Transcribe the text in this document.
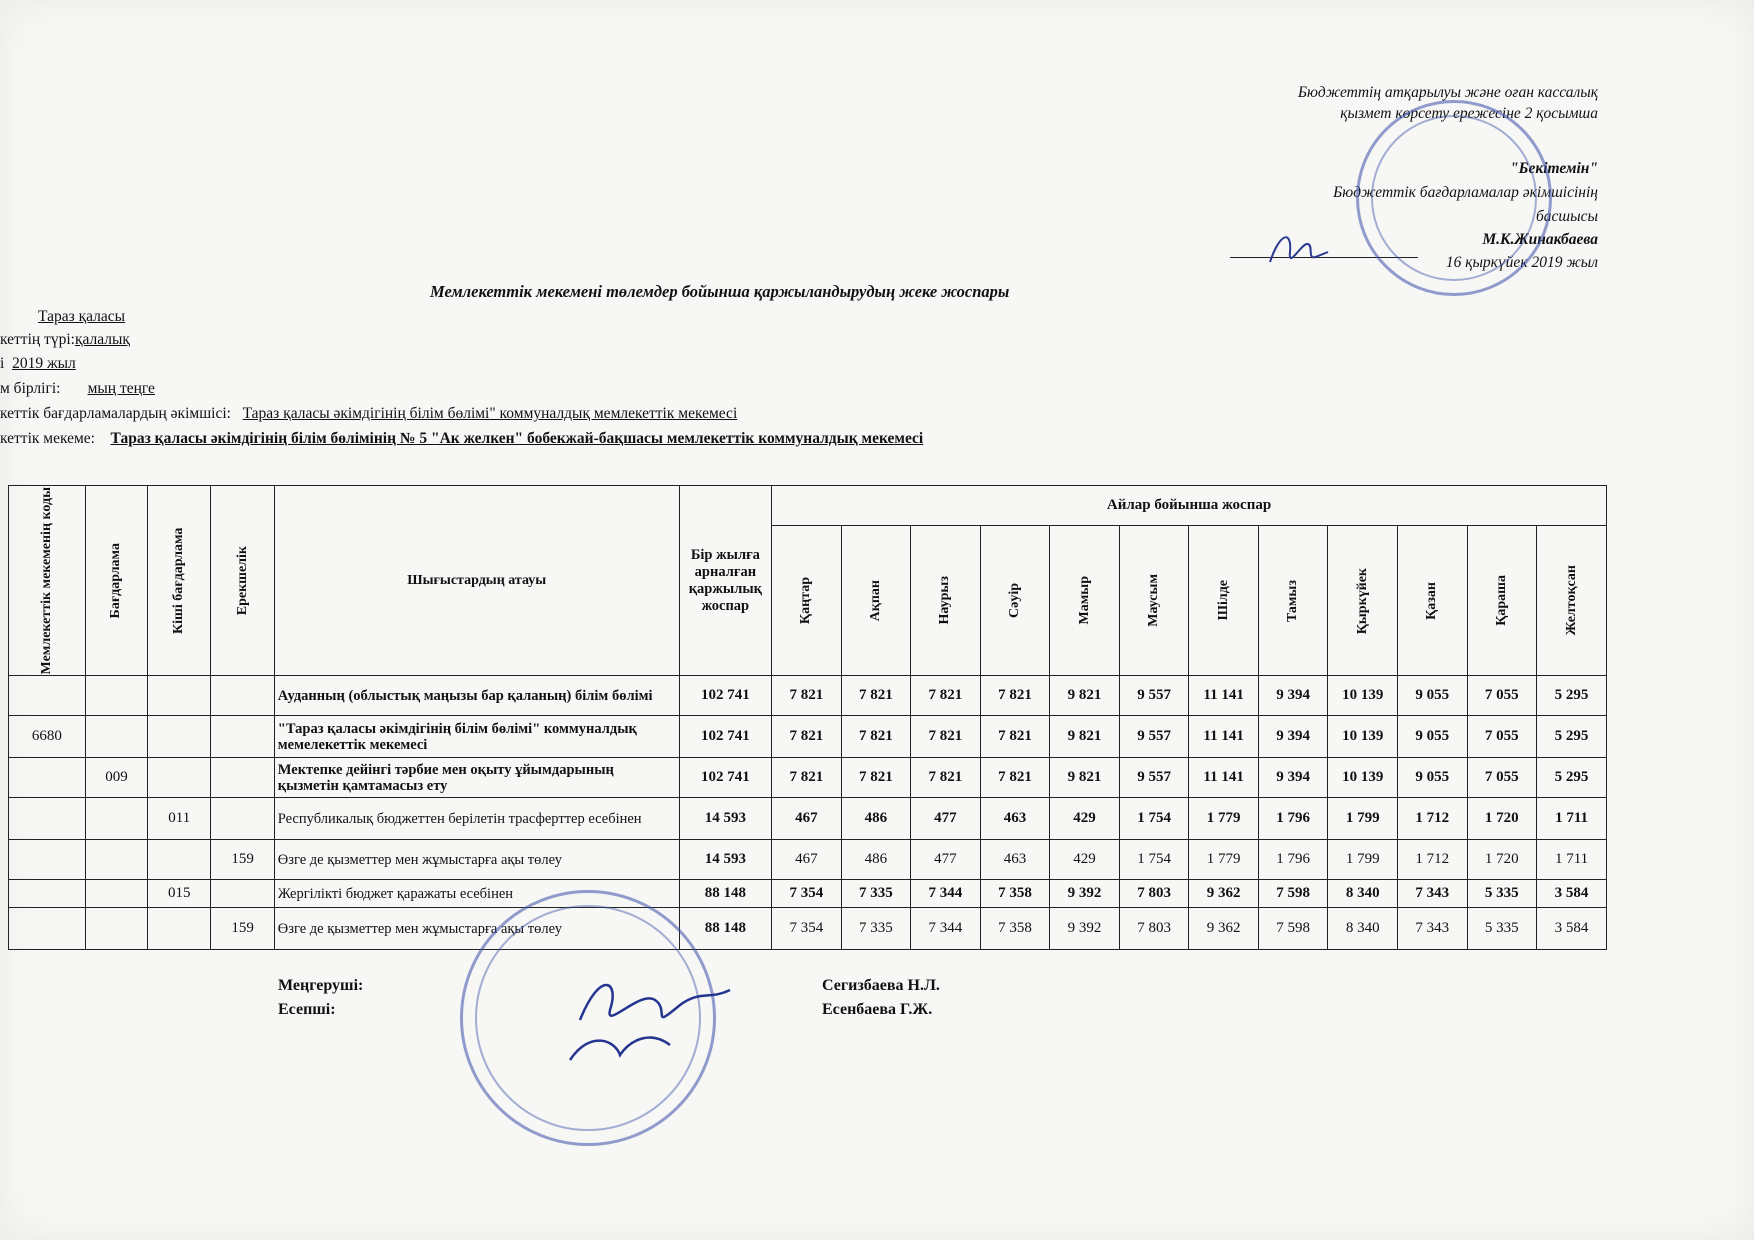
Бюджеттің атқарылуы және оған кассалық
қызмет көрсету ережесіне 2 қосымша
"Бекітемін"
Бюджеттік бағдарламалар әкімшісінің
басшысы
М.К.Жинакбаева
16 қыркүйек 2019 жыл
Мемлекеттік мекемені төлемдер бойынша қаржыландырудың жеке жоспары
Тараз қаласы
кеттің түрі:қалалық
і 2019 жыл
м бірлігі: мың теңге
кеттік бағдарламалардың әкімшісі: Тараз қаласы әкімдігінің білім бөлімі" коммуналдық мемлекеттік мекемесі
кеттік мекеме: Тараз қаласы әкімдігінің білім бөлімінің № 5 "Ак желкен" бобекжай-бақшасы мемлекеттік коммуналдық мекемесі
Мемлекеттік мекеменің коды	Бағдарлама	Кіші бағдарлама	Ерекшелік	Шығыстардың атауы	Бір жылға арналған қаржылық жоспар	Айлар бойынша жоспар											

						Қаңтар	Ақпан	Наурыз	Сәуір	Мамыр	Маусым	Шілде	Тамыз	Қыркүйек	Қазан	Қараша	Желтоқсан

				Ауданның (облыстық маңызы бар қаланың) білім бөлімі	102 741	7 821	7 821	7 821	7 821	9 821	9 557	11 141	9 394	10 139	9 055	7 055	5 295
6680				"Тараз қаласы әкімдігінің білім бөлімі" коммуналдық мемелекеттік мекемесі	102 741	7 821	7 821	7 821	7 821	9 821	9 557	11 141	9 394	10 139	9 055	7 055	5 295
	009			Мектепке дейінгі тәрбие мен оқыту ұйымдарының қызметін қамтамасыз ету	102 741	7 821	7 821	7 821	7 821	9 821	9 557	11 141	9 394	10 139	9 055	7 055	5 295
		011		Республикалық бюджеттен берілетін трасферттер есебінен	14 593	467	486	477	463	429	1 754	1 779	1 796	1 799	1 712	1 720	1 711
			159	Өзге де қызметтер мен жұмыстарға ақы төлеу	14 593	467	486	477	463	429	1 754	1 779	1 796	1 799	1 712	1 720	1 711
		015		Жергілікті бюджет қаражаты есебінен	88 148	7 354	7 335	7 344	7 358	9 392	7 803	9 362	7 598	8 340	7 343	5 335	3 584
			159	Өзге де қызметтер мен жұмыстарға ақы төлеу	88 148	7 354	7 335	7 344	7 358	9 392	7 803	9 362	7 598	8 340	7 343	5 335	3 584
Меңгеруші:	Сегизбаева Н.Л.
Есепші:	Есенбаева Г.Ж.
